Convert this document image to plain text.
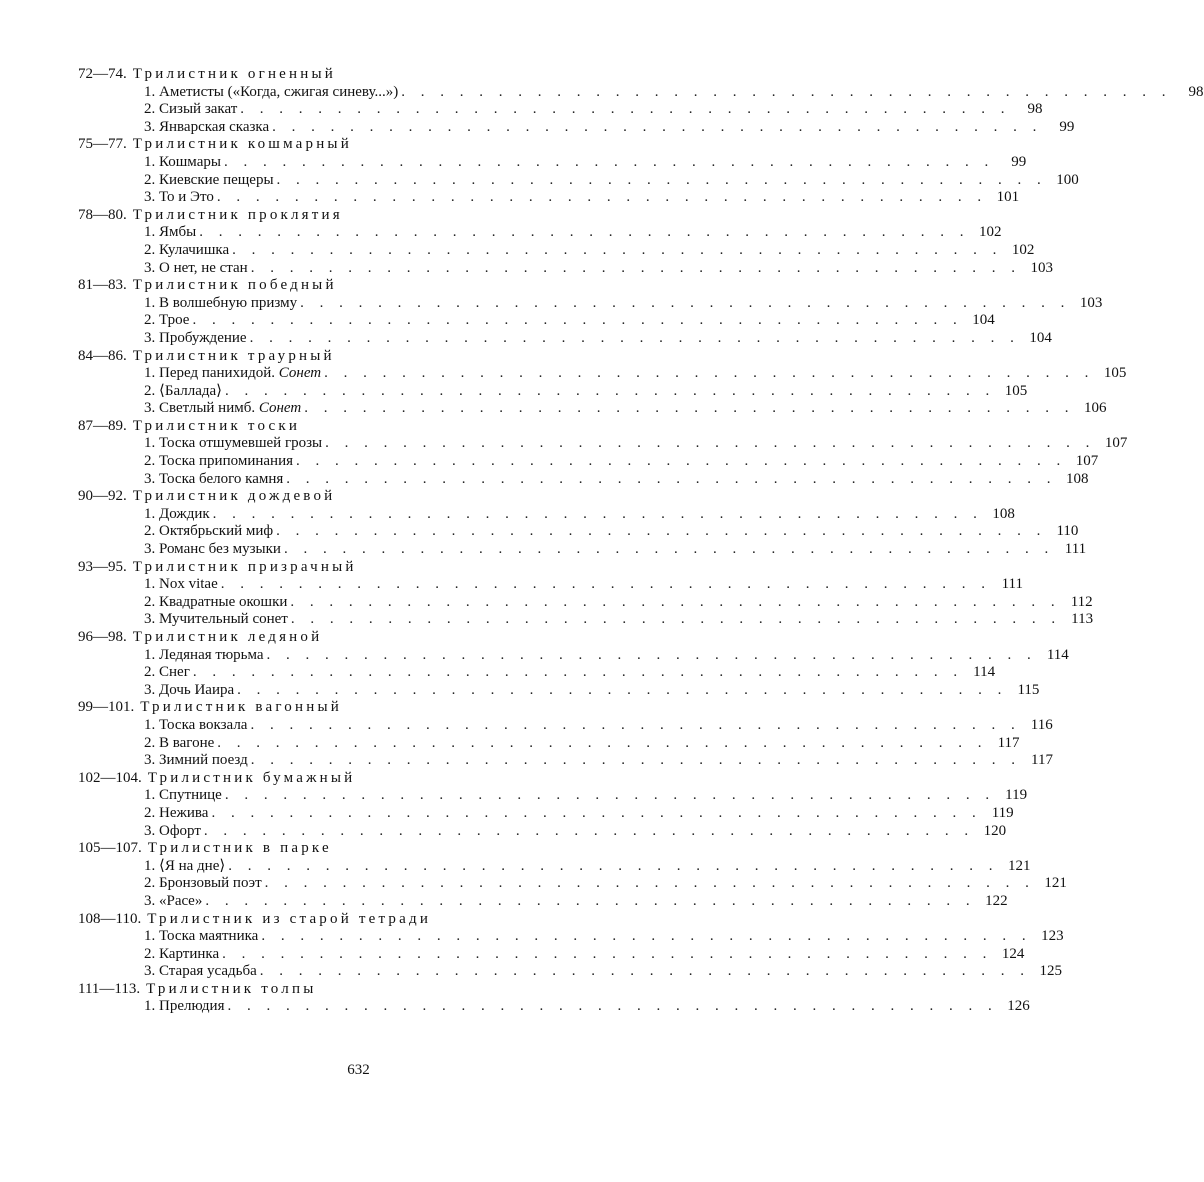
72—74. Трилистник огненный
1. Аметисты («Когда, сжигая синеву...») . . . . . . . . . . . . . . . . . . . . . . . . . . . . . . . . . . . . . . . .	98
2. Сизый закат . . . . . . . . . . . . . . . . . . . . . . . . . . . . . . . . . . . . . . . .	98
3. Январская сказка . . . . . . . . . . . . . . . . . . . . . . . . . . . . . . . . . . . . . . . .	99
75—77. Трилистник кошмарный
1. Кошмары . . . . . . . . . . . . . . . . . . . . . . . . . . . . . . . . . . . . . . . .	99
2. Киевские пещеры . . . . . . . . . . . . . . . . . . . . . . . . . . . . . . . . . . . . . . . . 100
3. То и Это . . . . . . . . . . . . . . . . . . . . . . . . . . . . . . . . . . . . . . . . 101
78—80. Трилистник проклятия
1. Ямбы . . . . . . . . . . . . . . . . . . . . . . . . . . . . . . . . . . . . . . . . 102
2. Кулачишка . . . . . . . . . . . . . . . . . . . . . . . . . . . . . . . . . . . . . . . . 102
3. О нет, не стан . . . . . . . . . . . . . . . . . . . . . . . . . . . . . . . . . . . . . . . . 103
81—83. Трилистник победный
1. В волшебную призму . . . . . . . . . . . . . . . . . . . . . . . . . . . . . . . . . . . . . . . . 103
2. Трое . . . . . . . . . . . . . . . . . . . . . . . . . . . . . . . . . . . . . . . . 104
3. Пробуждение . . . . . . . . . . . . . . . . . . . . . . . . . . . . . . . . . . . . . . . . 104
84—86. Трилистник траурный
1. Перед панихидой. Сонет . . . . . . . . . . . . . . . . . . . . . . . . . . . . . . . . . . . . . . . . 105
2. ⟨Баллада⟩ . . . . . . . . . . . . . . . . . . . . . . . . . . . . . . . . . . . . . . . . 105
3. Светлый нимб. Сонет . . . . . . . . . . . . . . . . . . . . . . . . . . . . . . . . . . . . . . . . 106
87—89. Трилистник тоски
1. Тоска отшумевшей грозы . . . . . . . . . . . . . . . . . . . . . . . . . . . . . . . . . . . . . . . . 107
2. Тоска припоминания . . . . . . . . . . . . . . . . . . . . . . . . . . . . . . . . . . . . . . . . 107
3. Тоска белого камня . . . . . . . . . . . . . . . . . . . . . . . . . . . . . . . . . . . . . . . . 108
90—92. Трилистник дождевой
1. Дождик . . . . . . . . . . . . . . . . . . . . . . . . . . . . . . . . . . . . . . . . 108
2. Октябрьский миф . . . . . . . . . . . . . . . . . . . . . . . . . . . . . . . . . . . . . . . . 110
3. Романс без музыки . . . . . . . . . . . . . . . . . . . . . . . . . . . . . . . . . . . . . . . . 111
93—95. Трилистник призрачный
1. Nox vitae . . . . . . . . . . . . . . . . . . . . . . . . . . . . . . . . . . . . . . . . 111
2. Квадратные окошки . . . . . . . . . . . . . . . . . . . . . . . . . . . . . . . . . . . . . . . . 112
3. Мучительный сонет . . . . . . . . . . . . . . . . . . . . . . . . . . . . . . . . . . . . . . . . 113
96—98. Трилистник ледяной
1. Ледяная тюрьма . . . . . . . . . . . . . . . . . . . . . . . . . . . . . . . . . . . . . . . . 114
2. Снег . . . . . . . . . . . . . . . . . . . . . . . . . . . . . . . . . . . . . . . . 114
3. Дочь Иаира . . . . . . . . . . . . . . . . . . . . . . . . . . . . . . . . . . . . . . . . 115
99—101. Трилистник вагонный
1. Тоска вокзала . . . . . . . . . . . . . . . . . . . . . . . . . . . . . . . . . . . . . . . . 116
2. В вагоне . . . . . . . . . . . . . . . . . . . . . . . . . . . . . . . . . . . . . . . . 117
3. Зимний поезд . . . . . . . . . . . . . . . . . . . . . . . . . . . . . . . . . . . . . . . . 117
102—104. Трилистник бумажный
1. Спутнице . . . . . . . . . . . . . . . . . . . . . . . . . . . . . . . . . . . . . . . . 119
2. Нежива . . . . . . . . . . . . . . . . . . . . . . . . . . . . . . . . . . . . . . . . 119
3. Офорт . . . . . . . . . . . . . . . . . . . . . . . . . . . . . . . . . . . . . . . . 120
105—107. Трилистник в парке
1. ⟨Я на дне⟩ . . . . . . . . . . . . . . . . . . . . . . . . . . . . . . . . . . . . . . . . 121
2. Бронзовый поэт . . . . . . . . . . . . . . . . . . . . . . . . . . . . . . . . . . . . . . . . 121
3. «Pace» . . . . . . . . . . . . . . . . . . . . . . . . . . . . . . . . . . . . . . . . 122
108—110. Трилистник из старой тетради
1. Тоска маятника . . . . . . . . . . . . . . . . . . . . . . . . . . . . . . . . . . . . . . . . 123
2. Картинка . . . . . . . . . . . . . . . . . . . . . . . . . . . . . . . . . . . . . . . . 124
3. Старая усадьба . . . . . . . . . . . . . . . . . . . . . . . . . . . . . . . . . . . . . . . . 125
111—113. Трилистник толпы
1. Прелюдия . . . . . . . . . . . . . . . . . . . . . . . . . . . . . . . . . . . . . . . . 126
632
